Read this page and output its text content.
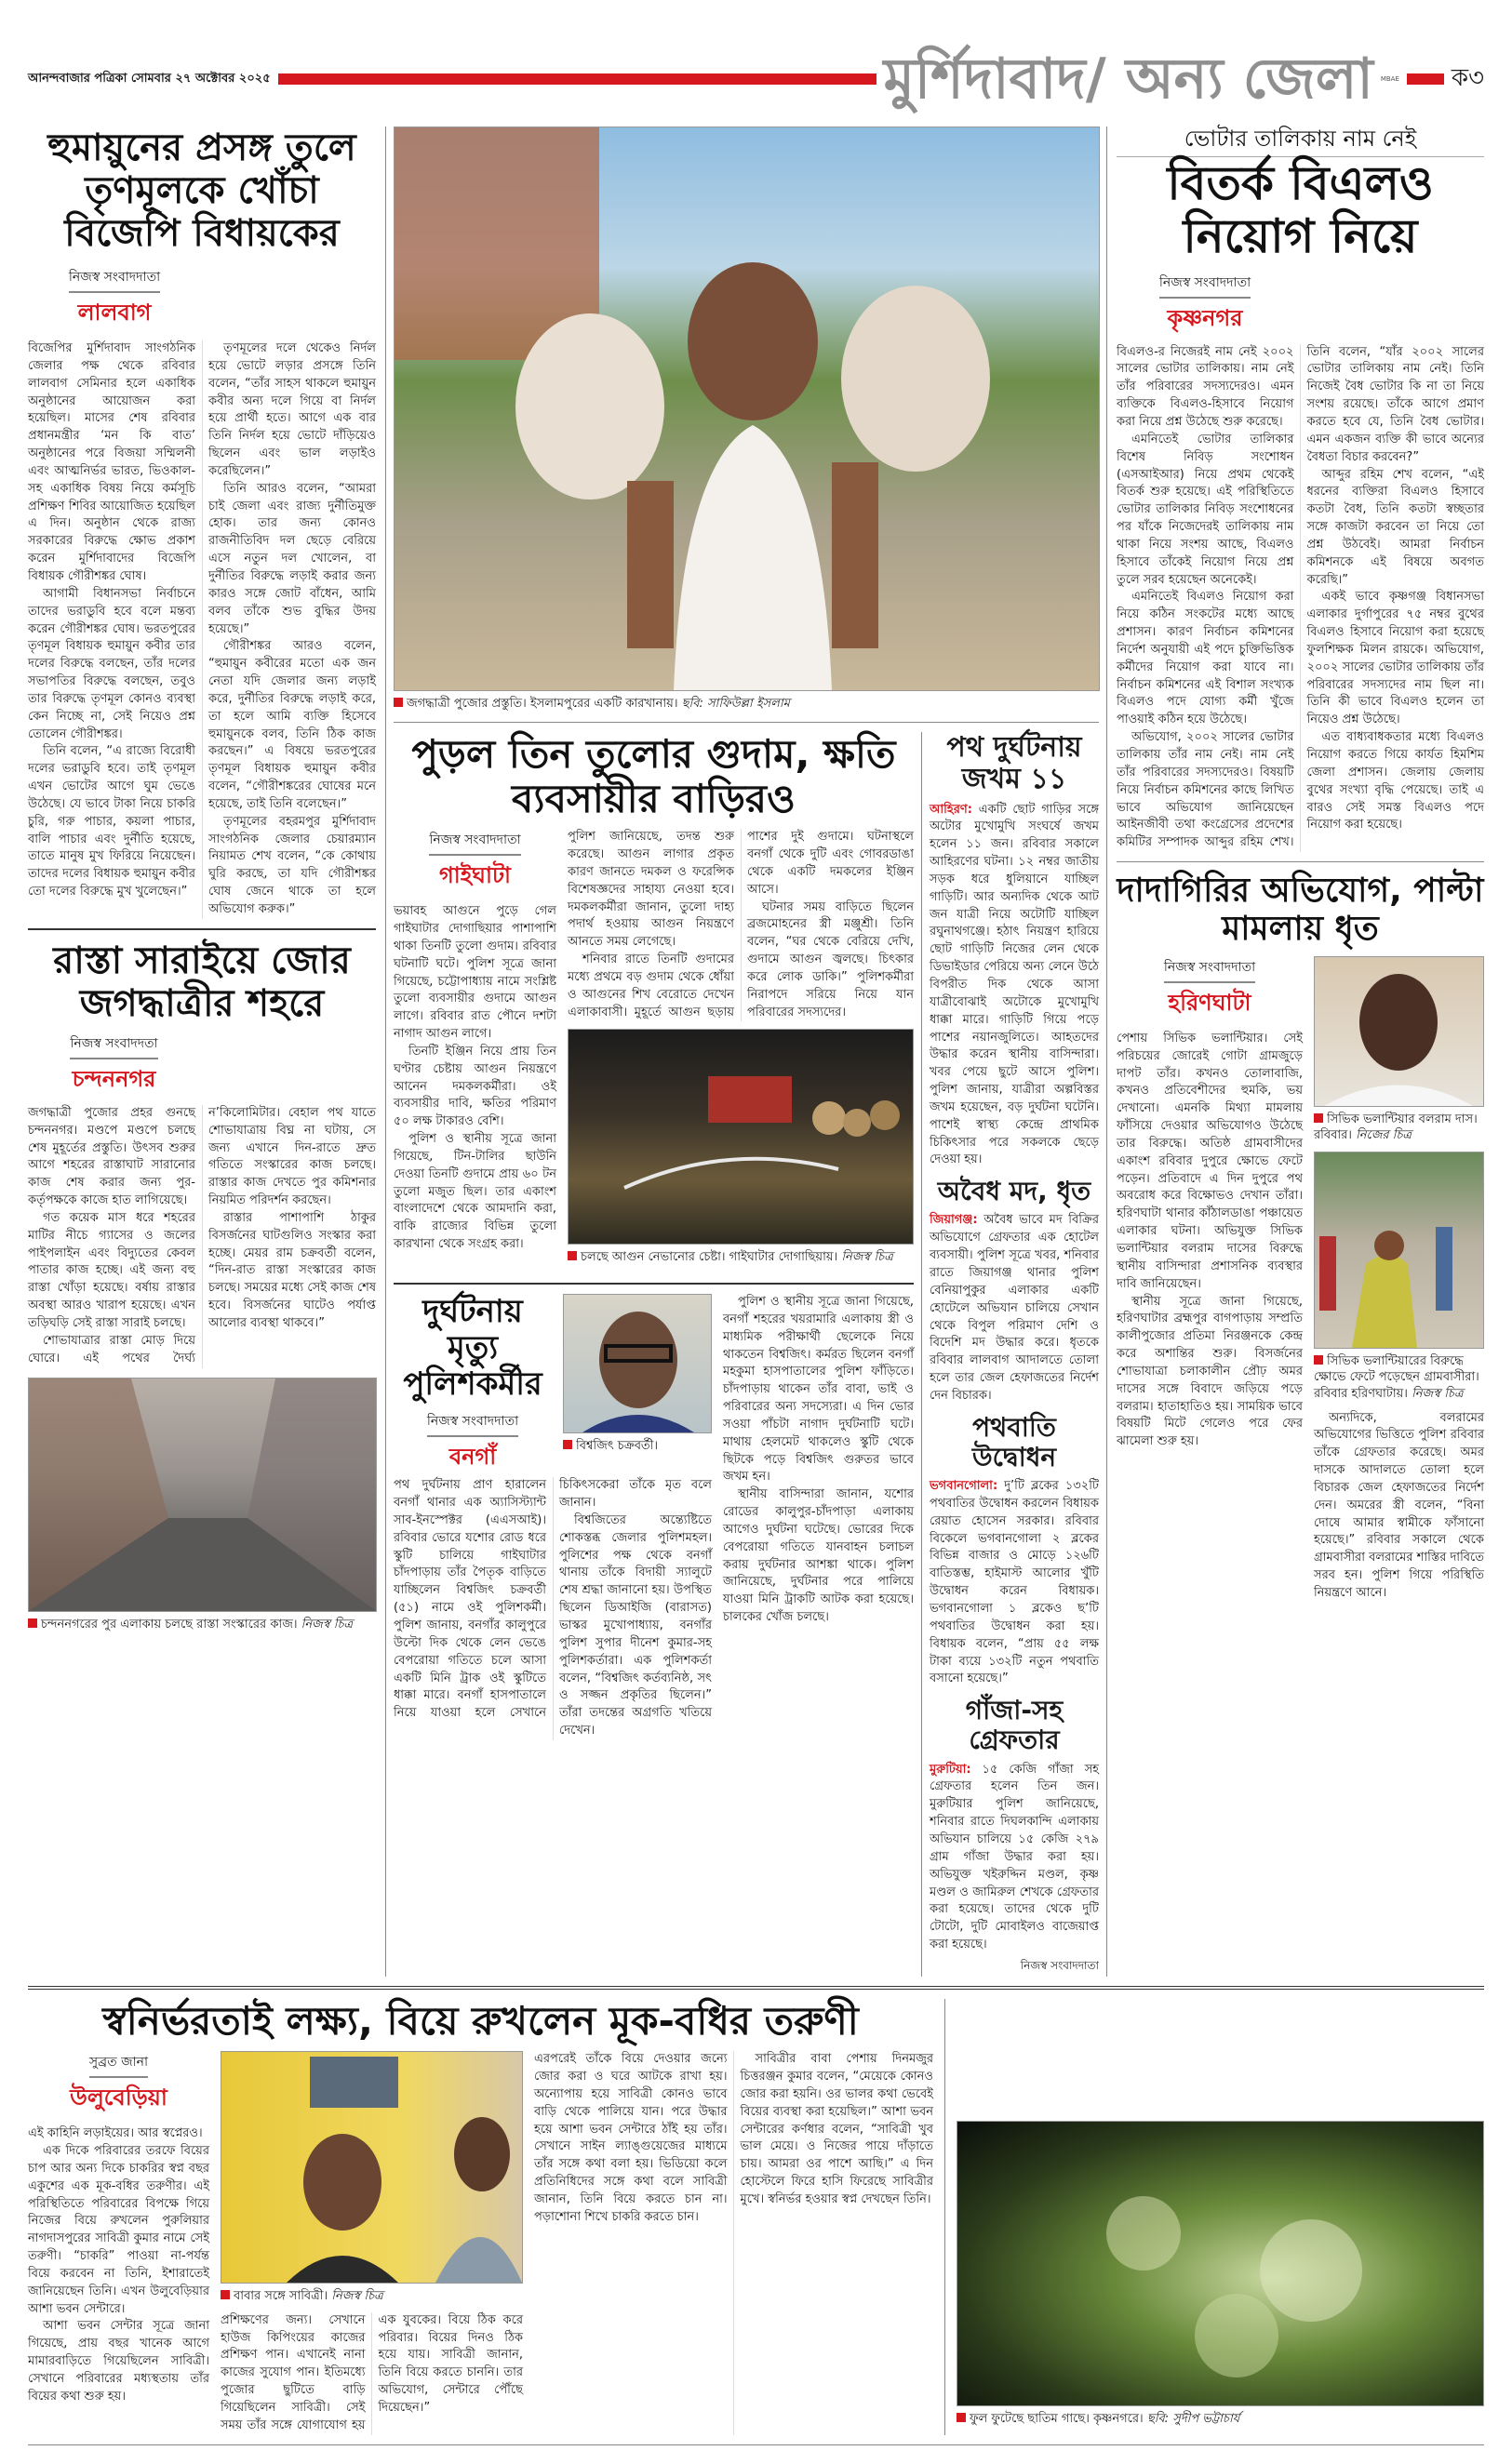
আনন্দবাজার পত্রিকা সোমবার ২৭ অক্টোবর ২০২৫	মুর্শিদাবাদ/ অন্য জেলা MBAE ক৩
হুমায়ুনের প্রসঙ্গ তুলে তৃণমূলকে খোঁচা বিজেপি বিধায়কের
নিজস্ব সংবাদদাতা
লালবাগ

বিজেপির মুর্শিদাবাদ সাংগঠনিক জেলার পক্ষ থেকে রবিবার লালবাগ সেমিনার হলে একাধিক অনুষ্ঠানের আয়োজন করা হয়েছিল। মাসের শেষ রবিবার প্রধানমন্ত্রীর ‘মন কি বাত’ অনুষ্ঠানের পরে বিজয়া সম্মিলনী এবং আত্মনির্ভর ভারত, ভিওকাল-সহ একাধিক বিষয় নিয়ে কর্মসূচি প্রশিক্ষণ শিবির আয়োজিত হয়েছিল এ দিন। অনুষ্ঠান থেকে রাজ্য সরকারের বিরুদ্ধে ক্ষোভ প্রকাশ করেন মুর্শিদাবাদের বিজেপি বিধায়ক গৌরীশঙ্কর ঘোষ।

আগামী বিধানসভা নির্বাচনে তাদের ভরাডুবি হবে বলে মন্তব্য করেন গৌরীশঙ্কর ঘোষ। ভরতপুরের তৃণমূল বিধায়ক হুমায়ুন কবীর তার দলের বিরুদ্ধে বলছেন, তাঁর দলের সভাপতির বিরুদ্ধে বলছেন, তবুও তার বিরুদ্ধে তৃণমূল কোনও ব্যবস্থা কেন নিচ্ছে না, সেই নিয়েও প্রশ্ন তোলেন গৌরীশঙ্কর।

তিনি বলেন, “এ রাজ্যে বিরোধী দলের ভরাডুবি হবে। তাই তৃণমূল এখন ভোটের আগে ঘুম ভেঙে উঠেছে। যে ভাবে টাকা নিয়ে চাকরি চুরি, গরু পাচার, কয়লা পাচার, বালি পাচার এবং দুর্নীতি হয়েছে, তাতে মানুষ মুখ ফিরিয়ে নিয়েছেন। তাদের দলের বিধায়ক হুমায়ুন কবীর তো দলের বিরুদ্ধে মুখ খুলেছেন।”

তৃণমূলের দলে থেকেও নির্দল হয়ে ভোটে লড়ার প্রসঙ্গে তিনি বলেন, “তাঁর সাহস থাকলে হুমায়ুন কবীর অন্য দলে গিয়ে বা নির্দল হয়ে প্রার্থী হতে। আগে এক বার তিনি নির্দল হয়ে ভোটে দাঁড়িয়েও ছিলেন এবং ভাল লড়াইও করেছিলেন।”

তিনি আরও বলেন, “আমরা চাই জেলা এবং রাজ্য দুর্নীতিমুক্ত হোক। তার জন্য কোনও রাজনীতিবিদ দল ছেড়ে বেরিয়ে এসে নতুন দল খোলেন, বা দুর্নীতির বিরুদ্ধে লড়াই করার জন্য কারও সঙ্গে জোট বাঁধেন, আমি বলব তাঁকে শুভ বুদ্ধির উদয় হয়েছে।”

গৌরীশঙ্কর আরও বলেন, “হুমায়ুন কবীরের মতো এক জন নেতা যদি জেলার জন্য লড়াই করে, দুর্নীতির বিরুদ্ধে লড়াই করে, তা হলে আমি ব্যক্তি হিসেবে হুমায়ুনকে বলব, তিনি ঠিক কাজ করছেন।” এ বিষয়ে ভরতপুরের তৃণমূল বিধায়ক হুমায়ুন কবীর বলেন, “গৌরীশঙ্করের ঘোষের মনে হয়েছে, তাই তিনি বলেছেন।”

তৃণমূলের বহরমপুর মুর্শিদাবাদ সাংগঠনিক জেলার চেয়ারম্যান নিয়ামত শেখ বলেন, “কে কোথায় ঘুরি করছে, তা যদি গৌরীশঙ্কর ঘোষ জেনে থাকে তা হলে অভিযোগ করুক।”

রাস্তা সারাইয়ে জোর জগদ্ধাত্রীর শহরে
নিজস্ব সংবাদদতা
চন্দননগর

জগদ্ধাত্রী পুজোর প্রহর গুনছে চন্দননগর। মণ্ডপে মণ্ডপে চলছে শেষ মুহূর্তের প্রস্তুতি। উৎসব শুরুর আগে শহরের রাস্তাঘাট সারানোর কাজ শেষ করার জন্য পুর-কর্তৃপক্ষকে কাজে হাত লাগিয়েছে।

গত কয়েক মাস ধরে শহরের মাটির নীচে গ্যাসের ও জলের পাইপলাইন এবং বিদ্যুতের কেবল পাতার কাজ হচ্ছে। এই জন্য বহু রাস্তা খোঁড়া হয়েছে। বর্ষায় রাস্তার অবস্থা আরও খারাপ হয়েছে। এখন তড়িঘড়ি সেই রাস্তা সারাই চলছে।

শোভাযাত্রার রাস্তা মোড় দিয়ে ঘোরে। এই পথের দৈর্ঘ্য ন’কিলোমিটার। বেহাল পথ যাতে শোভাযাত্রায় বিঘ্ন না ঘটায়, সে জন্য এখানে দিন-রাতে দ্রুত গতিতে সংস্কারের কাজ চলছে। রাস্তার কাজ দেখতে পুর কমিশনার নিয়মিত পরিদর্শন করছেন।

রাস্তার পাশাপাশি ঠাকুর বিসর্জনের ঘাটগুলিও সংস্কার করা হচ্ছে। মেয়র রাম চক্রবর্তী বলেন, “দিন-রাত রাস্তা সংস্কারের কাজ চলছে। সময়ের মধ্যে সেই কাজ শেষ হবে। বিসর্জনের ঘাটেও পর্যাপ্ত আলোর ব্যবস্থা থাকবে।”

চন্দননগরের পুর এলাকায় চলছে রাস্তা সংস্কারের কাজ। নিজস্ব চিত্র
জগদ্ধাত্রী পুজোর প্রস্তুতি। ইসলামপুরের একটি কারখানায়। ছবি: সাফিউল্লা ইসলাম
পুড়ল তিন তুলোর গুদাম, ক্ষতি ব্যবসায়ীর বাড়িরও
নিজস্ব সংবাদদাতা
গাইঘাটা

ভয়াবহ আগুনে পুড়ে গেল গাইঘাটার দোগাছিয়ার পাশাপাশি থাকা তিনটি তুলো গুদাম। রবিবার ঘটনাটি ঘটে। পুলিশ সূত্রে জানা গিয়েছে, চট্টোপাধ্যায় নামে সংশ্লিষ্ট তুলো ব্যবসায়ীর গুদামে আগুন লাগে। রবিবার রাত পৌনে দশটা নাগাদ আগুন লাগে।

তিনটি ইঞ্জিন নিয়ে প্রায় তিন ঘণ্টার চেষ্টায় আগুন নিয়ন্ত্রণে আনেন দমকলকর্মীরা। ওই ব্যবসায়ীর দাবি, ক্ষতির পরিমাণ ৫০ লক্ষ টাকারও বেশি।

পুলিশ ও স্থানীয় সূত্রে জানা গিয়েছে, টিন-টালির ছাউনি দেওয়া তিনটি গুদামে প্রায় ৬০ টন তুলো মজুত ছিল। তার একাংশ বাংলাদেশে থেকে আমদানি করা, বাকি রাজ্যের বিভিন্ন তুলো কারখানা থেকে সংগ্রহ করা।

পুলিশ জানিয়েছে, তদন্ত শুরু করেছে। আগুন লাগার প্রকৃত কারণ জানতে দমকল ও ফরেন্সিক বিশেষজ্ঞদের সাহায্য নেওয়া হবে। দমকলকর্মীরা জানান, তুলো দাহ্য পদার্থ হওয়ায় আগুন নিয়ন্ত্রণে আনতে সময় লেগেছে।

শনিবার রাতে তিনটি গুদামের মধ্যে প্রথমে বড় গুদাম থেকে ধোঁয়া ও আগুনের শিখ বেরোতে দেখেন এলাকাবাসী। মুহূর্তে আগুন ছড়ায় পাশের দুই গুদামে। ঘটনাস্থলে বনগাঁ থেকে দুটি এবং গোবরডাঙা থেকে একটি দমকলের ইঞ্জিন আসে।

ঘটনার সময় বাড়িতে ছিলেন ব্রজমোহনের স্ত্রী মঞ্জুশ্রী। তিনি বলেন, “ঘর থেকে বেরিয়ে দেখি, গুদামে আগুন জ্বলছে। চিৎকার করে লোক ডাকি।” পুলিশকর্মীরা নিরাপদে সরিয়ে নিয়ে যান পরিবারের সদস্যদের।

চলছে আগুন নেভানোর চেষ্টা। গাইঘাটার দোগাছিয়ায়। নিজস্ব চিত্র
দুর্ঘটনায় মৃত্যু পুলিশকর্মীর
নিজস্ব সংবাদদাতা
বনগাঁ	বিশ্বজিৎ চক্রবর্তী।

পথ দুর্ঘটনায় প্রাণ হারালেন বনগাঁ থানার এক অ্যাসিস্ট্যান্ট সাব-ইনস্পেক্টর (এএসআই)। রবিবার ভোরে যশোর রোড ধরে স্কুটি চালিয়ে গাইঘাটার চাঁদপাড়ায় তাঁর পৈতৃক বাড়িতে যাচ্ছিলেন বিশ্বজিৎ চক্রবর্তী (৫১) নামে ওই পুলিশকর্মী। পুলিশ জানায়, বনগাঁর কালুপুরে উল্টো দিক থেকে লেন ভেঙে বেপরোয়া গতিতে চলে আসা একটি মিনি ট্রাক ওই স্কুটিতে ধাক্কা মারে। বনগাঁ হাসপাতালে নিয়ে যাওয়া হলে সেখানে চিকিৎসকেরা তাঁকে মৃত বলে জানান।

বিশ্বজিতের অন্ত্যেষ্টিতে শোকস্তব্ধ জেলার পুলিশমহল। পুলিশের পক্ষ থেকে বনগাঁ থানায় তাঁকে বিদায়ী স্যালুটে শেষ শ্রদ্ধা জানানো হয়। উপস্থিত ছিলেন ডিআইজি (বারাসত) ভাস্কর মুখোপাধ্যায়, বনগাঁর পুলিশ সুপার দীনেশ কুমার-সহ পুলিশকর্তারা। এক পুলিশকর্তা বলেন, “বিশ্বজিৎ কর্তব্যনিষ্ঠ, সৎ ও সজ্জন প্রকৃতির ছিলেন।” তাঁরা তদন্তের অগ্রগতি খতিয়ে দেখেন।

পুলিশ ও স্থানীয় সূত্রে জানা গিয়েছে, বনগাঁ শহরের খয়রামারি এলাকায় স্ত্রী ও মাধ্যমিক পরীক্ষার্থী ছেলেকে নিয়ে থাকতেন বিশ্বজিৎ। কর্মরত ছিলেন বনগাঁ মহকুমা হাসপাতালের পুলিশ ফাঁড়িতে। চাঁদপাড়ায় থাকেন তাঁর বাবা, ভাই ও পরিবারের অন্য সদস্যেরা। এ দিন ভোর সওয়া পাঁচটা নাগাদ দুর্ঘটনাটি ঘটে। মাথায় হেলমেট থাকলেও স্কুটি থেকে ছিটকে পড়ে বিশ্বজিৎ গুরুতর ভাবে জখম হন।

স্থানীয় বাসিন্দারা জানান, যশোর রোডের কালুপুর-চাঁদপাড়া এলাকায় আগেও দুর্ঘটনা ঘটেছে। ভোরের দিকে বেপরোয়া গতিতে যানবাহন চলাচল করায় দুর্ঘটনার আশঙ্কা থাকে। পুলিশ জানিয়েছে, দুর্ঘটনার পরে পালিয়ে যাওয়া মিনি ট্রাকটি আটক করা হয়েছে। চালকের খোঁজ চলছে।

পথ দুর্ঘটনায় জখম ১১

আহিরণ: একটি ছোট গাড়ির সঙ্গে অটোর মুখোমুখি সংঘর্ষে জখম হলেন ১১ জন। রবিবার সকালে আহিরণের ঘটনা। ১২ নম্বর জাতীয় সড়ক ধরে ধুলিয়ানে যাচ্ছিল গাড়িটি। আর অন্যদিক থেকে আট জন যাত্রী নিয়ে অটোটি যাচ্ছিল রঘুনাথগঞ্জে। হঠাৎ নিয়ন্ত্রণ হারিয়ে ছোট গাড়িটি নিজের লেন থেকে ডিভাইডার পেরিয়ে অন্য লেনে উঠে বিপরীত দিক থেকে আসা যাত্রীবোঝাই অটোকে মুখোমুখি ধাক্কা মারে। গাড়িটি গিয়ে পড়ে পাশের নয়ানজুলিতে। আহতদের উদ্ধার করেন স্থানীয় বাসিন্দারা। খবর পেয়ে ছুটে আসে পুলিশ। পুলিশ জানায়, যাত্রীরা অল্পবিস্তর জখম হয়েছেন, বড় দুর্ঘটনা ঘটেনি। পাশেই স্বাস্থ্য কেন্দ্রে প্রাথমিক চিকিৎসার পরে সকলকে ছেড়ে দেওয়া হয়।

অবৈধ মদ, ধৃত

জিয়াগঞ্জ: অবৈধ ভাবে মদ বিক্রির অভিযোগে গ্রেফতার এক হোটেল ব্যবসায়ী। পুলিশ সূত্রে খবর, শনিবার রাতে জিয়াগঞ্জ থানার পুলিশ বেনিয়াপুকুর এলাকার একটি হোটেলে অভিযান চালিয়ে সেখান থেকে বিপুল পরিমাণ দেশি ও বিদেশি মদ উদ্ধার করে। ধৃতকে রবিবার লালবাগ আদালতে তোলা হলে তার জেল হেফাজতের নির্দেশ দেন বিচারক।

পথবাতি উদ্বোধন

ভগবানগোলা: দু’টি ব্লকের ১৩২টি পথবাতির উদ্বোধন করলেন বিধায়ক রেয়াত হোসেন সরকার। রবিবার বিকেলে ভগবানগোলা ২ ব্লকের বিভিন্ন বাজার ও মোড়ে ১২৬টি বাতিস্তম্ভ, হাইমাস্ট আলোর খুঁটি উদ্বোধন করেন বিধায়ক। ভগবানগোলা ১ ব্লকেও ছ’টি পথবাতির উদ্বোধন করা হয়। বিধায়ক বলেন, “প্রায় ৫৫ লক্ষ টাকা ব্যয়ে ১৩২টি নতুন পথবাতি বসানো হয়েছে।”

গাঁজা-সহ গ্রেফতার

মুরুটিয়া: ১৫ কেজি গাঁজা সহ গ্রেফতার হলেন তিন জন। মুরুটিয়ার পুলিশ জানিয়েছে, শনিবার রাতে দিঘলকান্দি এলাকায় অভিযান চালিয়ে ১৫ কেজি ২৭৯ গ্রাম গাঁজা উদ্ধার করা হয়। অভিযুক্ত খইরুদ্দিন মণ্ডল, কৃষ্ণ মণ্ডল ও জামিরুল শেখকে গ্রেফতার করা হয়েছে। তাদের থেকে দুটি টোটো, দুটি মোবাইলও বাজেয়াপ্ত করা হয়েছে।

নিজস্ব সংবাদদাতা
ভোটার তালিকায় নাম নেই
বিতর্ক বিএলও নিয়োগ নিয়ে
নিজস্ব সংবাদদাতা
কৃষ্ণনগর

বিএলও-র নিজেরই নাম নেই ২০০২ সালের ভোটার তালিকায়। নাম নেই তাঁর পরিবারের সদস্যদেরও। এমন ব্যক্তিকে বিএলও-হিসাবে নিয়োগ করা নিয়ে প্রশ্ন উঠেছে শুরু করেছে।

এমনিতেই ভোটার তালিকার বিশেষ নিবিড় সংশোধন (এসআইআর) নিয়ে প্রথম থেকেই বিতর্ক শুরু হয়েছে। এই পরিস্থিতিতে ভোটার তালিকার নিবিড় সংশোধনের পর যাঁকে নিজেদেরই তালিকায় নাম থাকা নিয়ে সংশয় আছে, বিএলও হিসাবে তাঁকেই নিয়োগ নিয়ে প্রশ্ন তুলে সরব হয়েছেন অনেকেই।

এমনিতেই বিএলও নিয়োগ করা নিয়ে কঠিন সংকটের মধ্যে আছে প্রশাসন। কারণ নির্বাচন কমিশনের নির্দেশ অনুযায়ী এই পদে চুক্তিভিত্তিক কর্মীদের নিয়োগ করা যাবে না। নির্বাচন কমিশনের এই বিশাল সংখ্যক বিএলও পদে যোগ্য কর্মী খুঁজে পাওয়াই কঠিন হয়ে উঠেছে।

অভিযোগ, ২০০২ সালের ভোটার তালিকায় তাঁর নাম নেই। নাম নেই তাঁর পরিবারের সদস্যদেরও। বিষয়টি নিয়ে নির্বাচন কমিশনের কাছে লিখিত ভাবে অভিযোগ জানিয়েছেন আইনজীবী তথা কংগ্রেসের প্রদেশের কমিটির সম্পাদক আব্দুর রহিম শেখ। তিনি বলেন, “যাঁর ২০০২ সালের ভোটার তালিকায় নাম নেই। তিনি নিজেই বৈধ ভোটার কি না তা নিয়ে সংশয় রয়েছে। তাঁকে আগে প্রমাণ করতে হবে যে, তিনি বৈধ ভোটার। এমন একজন ব্যক্তি কী ভাবে অন্যের বৈধতা বিচার করবেন?”

আব্দুর রহিম শেখ বলেন, “এই ধরনের ব্যক্তিরা বিএলও হিসাবে কতটা বৈধ, তিনি কতটা স্বচ্ছতার সঙ্গে কাজটা করবেন তা নিয়ে তো প্রশ্ন উঠবেই। আমরা নির্বাচন কমিশনকে এই বিষয়ে অবগত করেছি।”

একই ভাবে কৃষ্ণগঞ্জ বিধানসভা এলাকার দুর্গাপুরের ৭৫ নম্বর বুথের বিএলও হিসাবে নিয়োগ করা হয়েছে ফুলশিক্ষক মিলন রায়কে। অভিযোগ, ২০০২ সালের ভোটার তালিকায় তাঁর পরিবারের সদস্যদের নাম ছিল না। তিনি কী ভাবে বিএলও হলেন তা নিয়েও প্রশ্ন উঠেছে।

এত বাধ্যবাধকতার মধ্যে বিএলও নিয়োগ করতে গিয়ে কার্যত হিমশিম জেলা প্রশাসন। জেলায় জেলায় বুথের সংখ্যা বৃদ্ধি পেয়েছে। তাই এ বারও সেই সমস্ত বিএলও পদে নিয়োগ করা হয়েছে।

দাদাগিরির অভিযোগ, পাল্টা মামলায় ধৃত
নিজস্ব সংবাদদাতা
হরিণঘাটা

পেশায় সিভিক ভলান্টিয়ার। সেই পরিচয়ের জোরেই গোটা গ্রামজুড়ে দাপট তাঁর। কখনও তোলাবাজি, কখনও প্রতিবেশীদের হুমকি, ভয় দেখানো। এমনকি মিথ্যা মামলায় ফাঁসিয়ে দেওয়ার অভিযোগও উঠেছে তার বিরুদ্ধে। অতিষ্ঠ গ্রামবাসীদের একাংশ রবিবার দুপুরে ক্ষোভে ফেটে পড়েন। প্রতিবাদে এ দিন দুপুরে পথ অবরোধ করে বিক্ষোভও দেখান তাঁরা। হরিণঘাটা থানার কাঁঠালডাঙা পঞ্চায়েত এলাকার ঘটনা। অভিযুক্ত সিভিক ভলান্টিয়ার বলরাম দাসের বিরুদ্ধে স্থানীয় বাসিন্দারা প্রশাসনিক ব্যবস্থার দাবি জানিয়েছেন।

স্থানীয় সূত্রে জানা গিয়েছে, হরিণঘাটার ব্রহ্মপুর বাগপাড়ায় সম্প্রতি কালীপুজোর প্রতিমা নিরঞ্জনকে কেন্দ্র করে অশান্তির শুরু। বিসর্জনের শোভাযাত্রা চলাকালীন প্রৌঢ় অমর দাসের সঙ্গে বিবাদে জড়িয়ে পড়ে বলরাম। হাতাহাতিও হয়। সাময়িক ভাবে বিষয়টি মিটে গেলেও পরে ফের ঝামেলা শুরু হয়।

সিভিক ভলান্টিয়ার বলরাম দাস। রবিবার। নিজের চিত্র
সিভিক ভলান্টিয়ারের বিরুদ্ধে ক্ষোভে ফেটে পড়েছেন গ্রামবাসীরা। রবিবার হরিণঘাটায়। নিজস্ব চিত্র

অন্যদিকে, বলরামের অভিযোগের ভিত্তিতে পুলিশ রবিবার তাঁকে গ্রেফতার করেছে। অমর দাসকে আদালতে তোলা হলে বিচারক জেল হেফাজতের নির্দেশ দেন। অমরের স্ত্রী বলেন, “বিনা দোষে আমার স্বামীকে ফাঁসানো হয়েছে।” রবিবার সকালে থেকে গ্রামবাসীরা বলরামের শাস্তির দাবিতে সরব হন। পুলিশ গিয়ে পরিস্থিতি নিয়ন্ত্রণে আনে।

স্বনির্ভরতাই লক্ষ্য, বিয়ে রুখলেন মূক-বধির তরুণী
সুব্রত জানা
উলুবেড়িয়া

এই কাহিনি লড়াইয়ের। আর স্বপ্নেরও।

এক দিকে পরিবারের তরফে বিয়ের চাপ আর অন্য দিকে চাকরির স্বপ্ন বছর একুশের এক মূক-বধির তরুণীর। এই পরিস্থিতিতে পরিবারের বিপক্ষে গিয়ে নিজের বিয়ে রুখলেন পুরুলিয়ার নাগদাসপুরের সাবিত্রী কুমার নামে সেই তরুণী। “চাকরি” পাওয়া না-পর্যন্ত বিয়ে করবেন না তিনি, ইশারাতেই জানিয়েছেন তিনি। এখন উলুবেড়িয়ার আশা ভবন সেন্টারে।

আশা ভবন সেন্টার সূত্রে জানা গিয়েছে, প্রায় বছর খানেক আগে মামারবাড়িতে গিয়েছিলেন সাবিত্রী। সেখানে পরিবারের মধ্যস্থতায় তাঁর বিয়ের কথা শুরু হয়।

বাবার সঙ্গে সাবিত্রী। নিজস্ব চিত্র

প্রশিক্ষণের জন্য। সেখানে হাউজ কিপিংয়ের কাজের প্রশিক্ষণ পান। এখানেই নানা কাজের সুযোগ পান। ইতিমধ্যে পুজোর ছুটিতে বাড়ি গিয়েছিলেন সাবিত্রী। সেই সময় তাঁর সঙ্গে যোগাযোগ হয় এক যুবকের। বিয়ে ঠিক করে পরিবার। বিয়ের দিনও ঠিক হয়ে যায়। সাবিত্রী জানান, তিনি বিয়ে করতে চাননি। তার অভিযোগ, সেন্টারে পৌঁছে দিয়েছেন।”

এরপরেই তাঁকে বিয়ে দেওয়ার জন্যে জোর করা ও ঘরে আটকে রাখা হয়। অন্যোপায় হয়ে সাবিত্রী কোনও ভাবে বাড়ি থেকে পালিয়ে যান। পরে উদ্ধার হয়ে আশা ভবন সেন্টারে ঠাঁই হয় তাঁর। সেখানে সাইন ল্যাঙ্গুয়েজের মাধ্যমে তাঁর সঙ্গে কথা বলা হয়। ভিডিয়ো কলে প্রতিনিধিদের সঙ্গে কথা বলে সাবিত্রী জানান, তিনি বিয়ে করতে চান না। পড়াশোনা শিখে চাকরি করতে চান।

সাবিত্রীর বাবা পেশায় দিনমজুর চিত্তরঞ্জন কুমার বলেন, “মেয়েকে কোনও জোর করা হয়নি। ওর ভালর কথা ভেবেই বিয়ের ব্যবস্থা করা হয়েছিল।” আশা ভবন সেন্টারের কর্ণধার বলেন, “সাবিত্রী খুব ভাল মেয়ে। ও নিজের পায়ে দাঁড়াতে চায়। আমরা ওর পাশে আছি।” এ দিন হোস্টেলে ফিরে হাসি ফিরেছে সাবিত্রীর মুখে। স্বনির্ভর হওয়ার স্বপ্ন দেখছেন তিনি।

ফুল ফুটেছে ছাতিম গাছে। কৃষ্ণনগরে। ছবি: সুদীপ ভট্টাচার্য
